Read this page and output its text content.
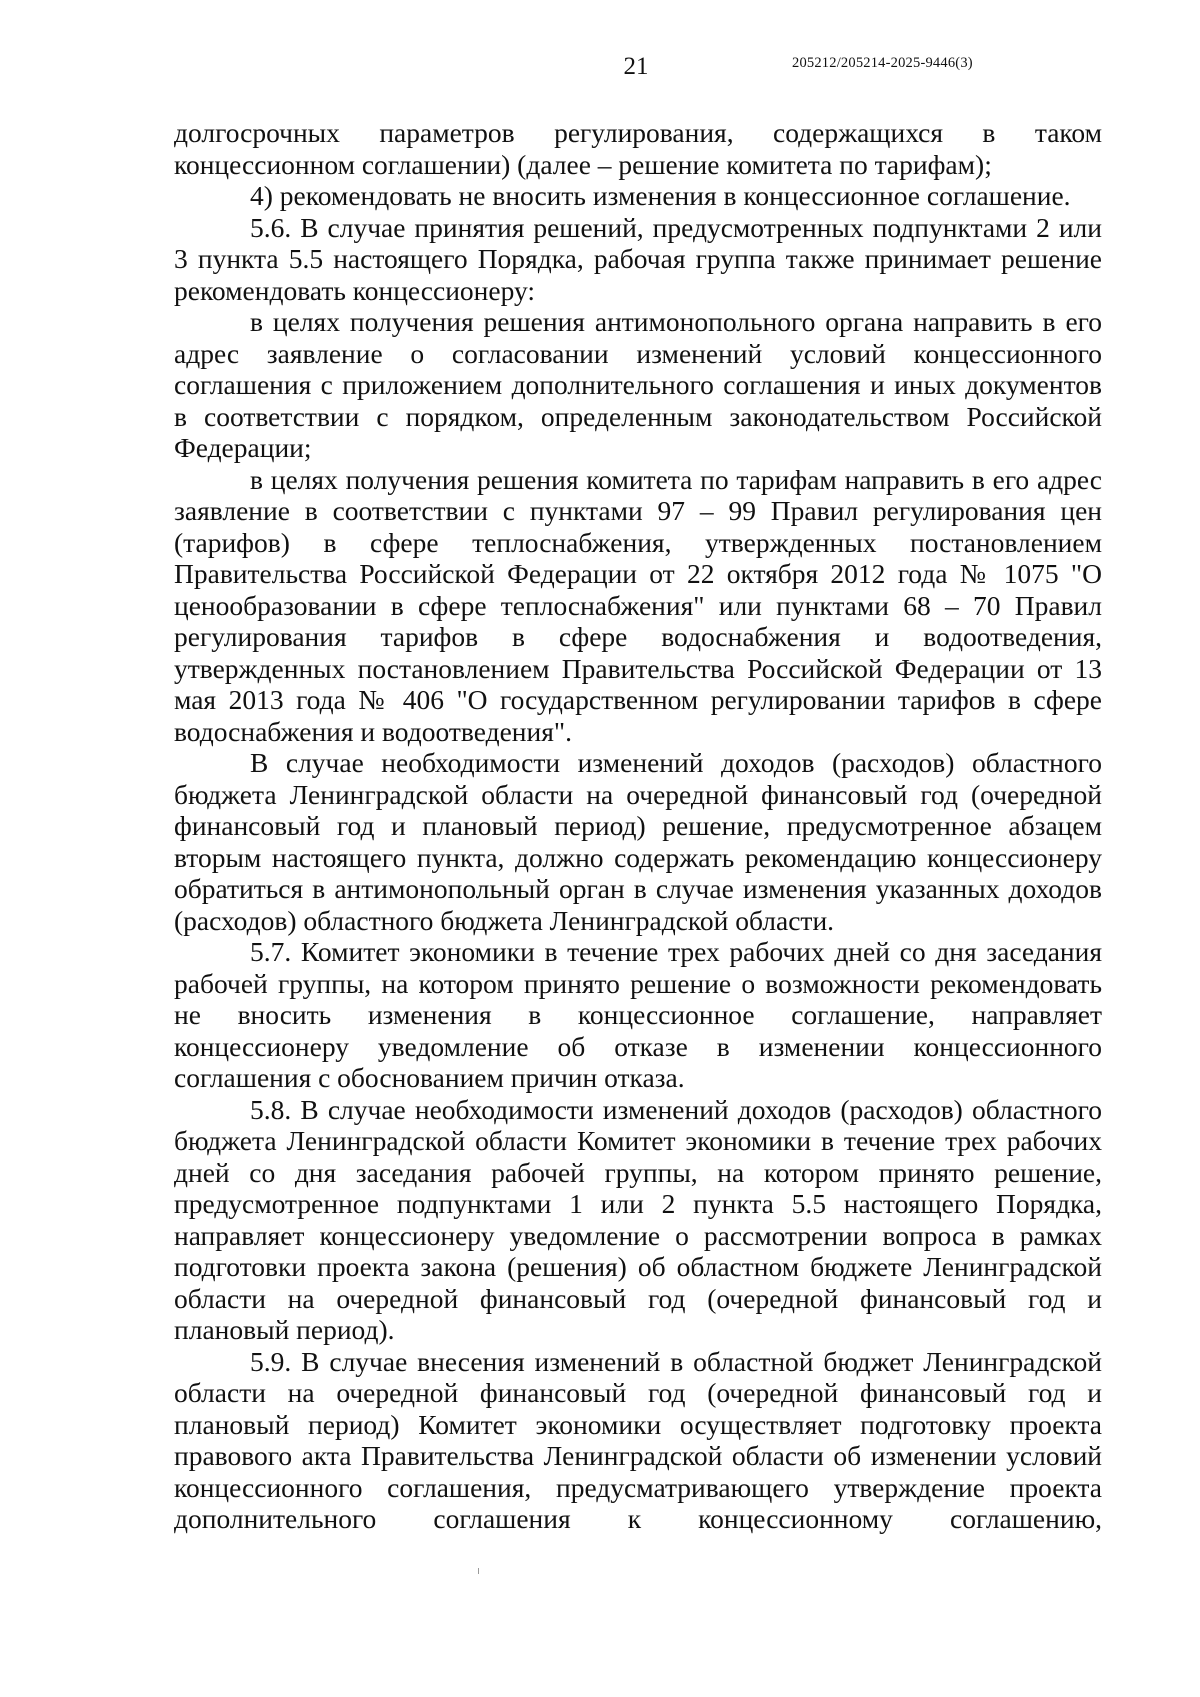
21	205212/205214-2025-9446(3)

долгосрочных параметров регулирования, содержащихся в таком концессионном соглашении) (далее – решение комитета по тарифам);

4) рекомендовать не вносить изменения в концессионное соглашение.

5.6. В случае принятия решений, предусмотренных подпунктами 2 или 3 пункта 5.5 настоящего Порядка, рабочая группа также принимает решение рекомендовать концессионеру:

в целях получения решения антимонопольного органа направить в его адрес заявление о согласовании изменений условий концессионного соглашения с приложением дополнительного соглашения и иных документов в соответствии с порядком, определенным законодательством Российской Федерации;

в целях получения решения комитета по тарифам направить в его адрес заявление в соответствии с пунктами 97 – 99 Правил регулирования цен (тарифов) в сфере теплоснабжения, утвержденных постановлением Правительства Российской Федерации от 22 октября 2012 года № 1075 "О ценообразовании в сфере теплоснабжения" или пунктами 68 – 70 Правил регулирования тарифов в сфере водоснабжения и водоотведения, утвержденных постановлением Правительства Российской Федерации от 13 мая 2013 года № 406 "О государственном регулировании тарифов в сфере водоснабжения и водоотведения".

В случае необходимости изменений доходов (расходов) областного бюджета Ленинградской области на очередной финансовый год (очередной финансовый год и плановый период) решение, предусмотренное абзацем вторым настоящего пункта, должно содержать рекомендацию концессионеру обратиться в антимонопольный орган в случае изменения указанных доходов (расходов) областного бюджета Ленинградской области.

5.7. Комитет экономики в течение трех рабочих дней со дня заседания рабочей группы, на котором принято решение о возможности рекомендовать не вносить изменения в концессионное соглашение, направляет концессионеру уведомление об отказе в изменении концессионного соглашения с обоснованием причин отказа.

5.8. В случае необходимости изменений доходов (расходов) областного бюджета Ленинградской области Комитет экономики в течение трех рабочих дней со дня заседания рабочей группы, на котором принято решение, предусмотренное подпунктами 1 или 2 пункта 5.5 настоящего Порядка, направляет концессионеру уведомление о рассмотрении вопроса в рамках подготовки проекта закона (решения) об областном бюджете Ленинградской области на очередной финансовый год (очередной финансовый год и плановый период).

5.9. В случае внесения изменений в областной бюджет Ленинградской области на очередной финансовый год (очередной финансовый год и плановый период) Комитет экономики осуществляет подготовку проекта правового акта Правительства Ленинградской области об изменении условий концессионного соглашения, предусматривающего утверждение проекта дополнительного соглашения к концессионному соглашению,
